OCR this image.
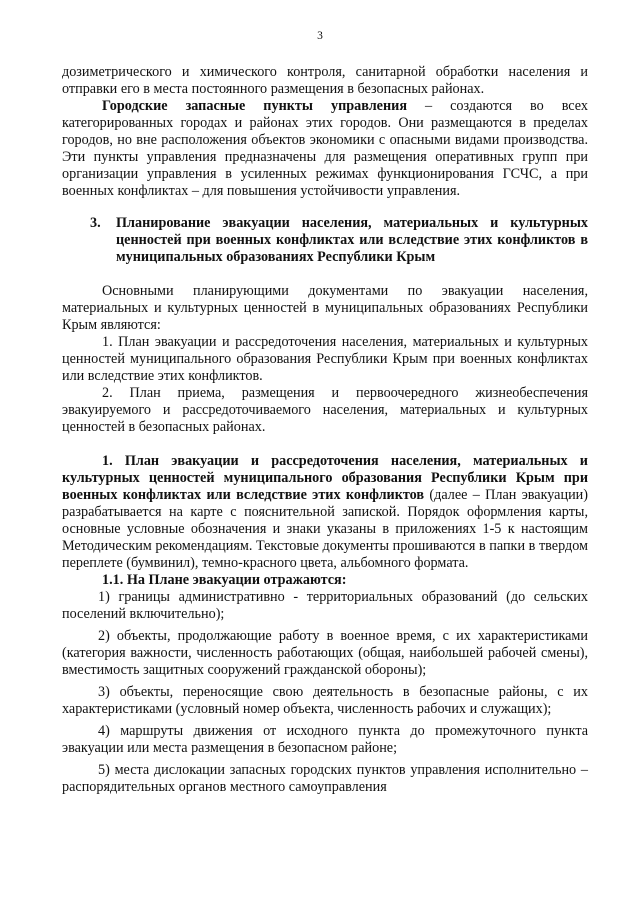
3

дозиметрического и химического контроля, санитарной обработки населения и отправки его в места постоянного размещения в безопасных районах.

Городские запасные пункты управления – создаются во всех категорированных городах и районах этих городов. Они размещаются в пределах городов, но вне расположения объектов экономики с опасными видами производства. Эти пункты управления предназначены для размещения оперативных групп при организации управления в усиленных режимах функционирования ГСЧС, а при военных конфликтах – для повышения устойчивости управления.

3.	Планирование эвакуации населения, материальных и культурных ценностей при военных конфликтах или вследствие этих конфликтов в муниципальных образованиях Республики Крым

Основными планирующими документами по эвакуации населения, материальных и культурных ценностей в муниципальных образованиях Республики Крым являются:

1. План эвакуации и рассредоточения населения, материальных и культурных ценностей муниципального образования Республики Крым при военных конфликтах или вследствие этих конфликтов.

2. План приема, размещения и первоочередного жизнеобеспечения эвакуируемого и рассредоточиваемого населения, материальных и культурных ценностей в безопасных районах.

1. План эвакуации и рассредоточения населения, материальных и культурных ценностей муниципального образования Республики Крым при военных конфликтах или вследствие этих конфликтов (далее – План эвакуации) разрабатывается на карте с пояснительной запиской. Порядок оформления карты, основные условные обозначения и знаки указаны в приложениях 1-5 к настоящим Методическим рекомендациям. Текстовые документы прошиваются в папки в твердом переплете (бумвинил), темно-красного цвета, альбомного формата.

1.1. На Плане эвакуации отражаются:

1) границы административно - территориальных образований (до сельских поселений включительно);

2) объекты, продолжающие работу в военное время, с их характеристиками (категория важности, численность работающих (общая, наибольшей рабочей смены), вместимость защитных сооружений гражданской обороны);

3) объекты, переносящие свою деятельность в безопасные районы, с их характеристиками (условный номер объекта, численность рабочих и служащих);

4) маршруты движения от исходного пункта до промежуточного пункта эвакуации или места размещения в безопасном районе;

5) места дислокации запасных городских пунктов управления исполнительно – распорядительных органов местного самоуправления
